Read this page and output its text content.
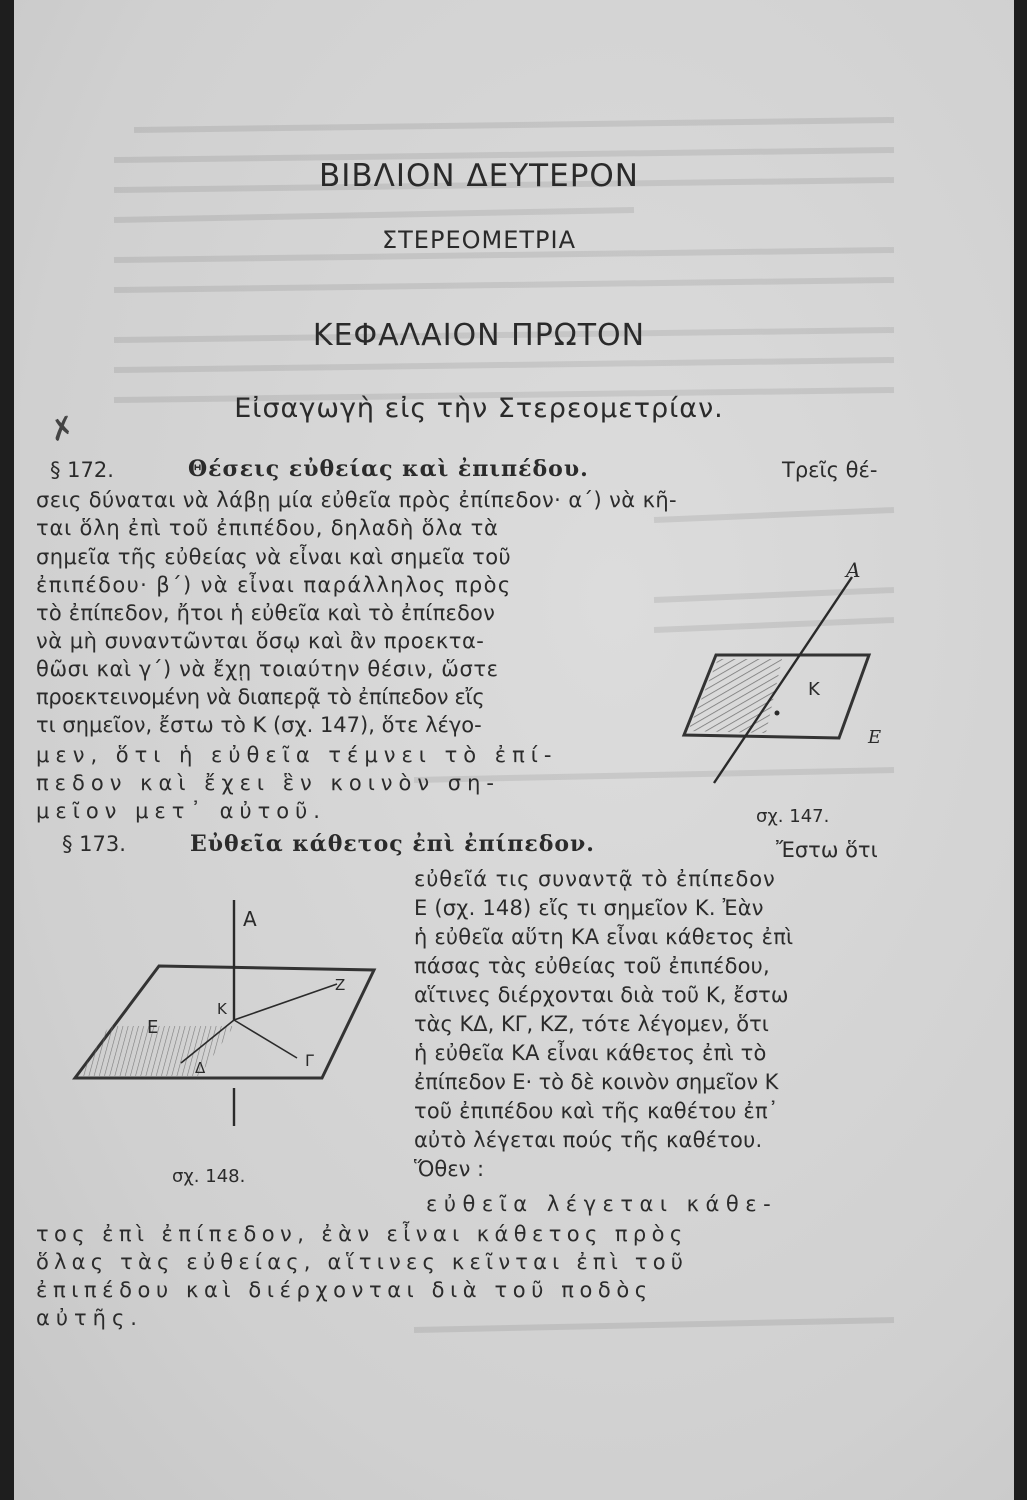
ΒΙΒΛΙΟΝ ΔΕΥΤΕΡΟΝ
ΣΤΕΡΕΟΜΕΤΡΙΑ
ΚΕΦΑΛΑΙΟΝ ΠΡΩΤΟΝ
Εἰσαγωγὴ εἰς τὴν Στερεομετρίαν.
✗
§ 172.	Θέσεις εὐθείας καὶ ἐπιπέδου.	Τρεῖς θέ-
σεις δύναται νὰ λάβῃ μία εὐθεῖα πρὸς ἐπίπεδον· α΄) νὰ κῆ-
ται ὅλη ἐπὶ τοῦ ἐπιπέδου, δηλαδὴ ὅλα τὰ
σημεῖα τῆς εὐθείας νὰ εἶναι καὶ σημεῖα τοῦ
ἐπιπέδου· β΄) νὰ εἶναι παράλληλος πρὸς
τὸ ἐπίπεδον, ἤτοι ἡ εὐθεῖα καὶ τὸ ἐπίπεδον
νὰ μὴ συναντῶνται ὅσῳ καὶ ἂν προεκτα-
θῶσι καὶ γ΄) νὰ ἔχῃ τοιαύτην θέσιν, ὥστε
προεκτεινομένη νὰ διαπερᾷ τὸ ἐπίπεδον εἴς
τι σημεῖον, ἔστω τὸ Κ (σχ. 147), ὅτε λέγο-
μεν, ὅτι ἡ εὐθεῖα τέμνει τὸ ἐπί-
πεδον καὶ ἔχει ἓν κοινὸν ση-
μεῖον μετ᾽ αὐτοῦ.
Α
Κ
Ε
σχ. 147.
§ 173.	Εὐθεῖα κάθετος ἐπὶ ἐπίπεδον.	Ἔστω ὅτι
εὐθεῖά τις συναντᾷ τὸ ἐπίπεδον
Ε (σχ. 148) εἴς τι σημεῖον Κ. Ἐὰν
ἡ εὐθεῖα αὕτη ΚΑ εἶναι κάθετος ἐπὶ
πάσας τὰς εὐθείας τοῦ ἐπιπέδου,
αἵτινες διέρχονται διὰ τοῦ Κ, ἔστω
τὰς ΚΔ, ΚΓ, ΚΖ, τότε λέγομεν, ὅτι
ἡ εὐθεῖα ΚΑ εἶναι κάθετος ἐπὶ τὸ
ἐπίπεδον Ε· τὸ δὲ κοινὸν σημεῖον Κ
τοῦ ἐπιπέδου καὶ τῆς καθέτου ἐπ᾽
αὐτὸ λέγεται πούς τῆς καθέτου.
Ὅθεν :
Α
Κ
Ζ
Ε
Γ
Δ
σχ. 148.
εὐθεῖα λέγεται κάθε-
τος ἐπὶ ἐπίπεδον, ἐὰν εἶναι κάθετος πρὸς
ὅλας τὰς εὐθείας, αἵτινες κεῖνται ἐπὶ τοῦ
ἐπιπέδου καὶ διέρχονται διὰ τοῦ ποδὸς
αὐτῆς.
